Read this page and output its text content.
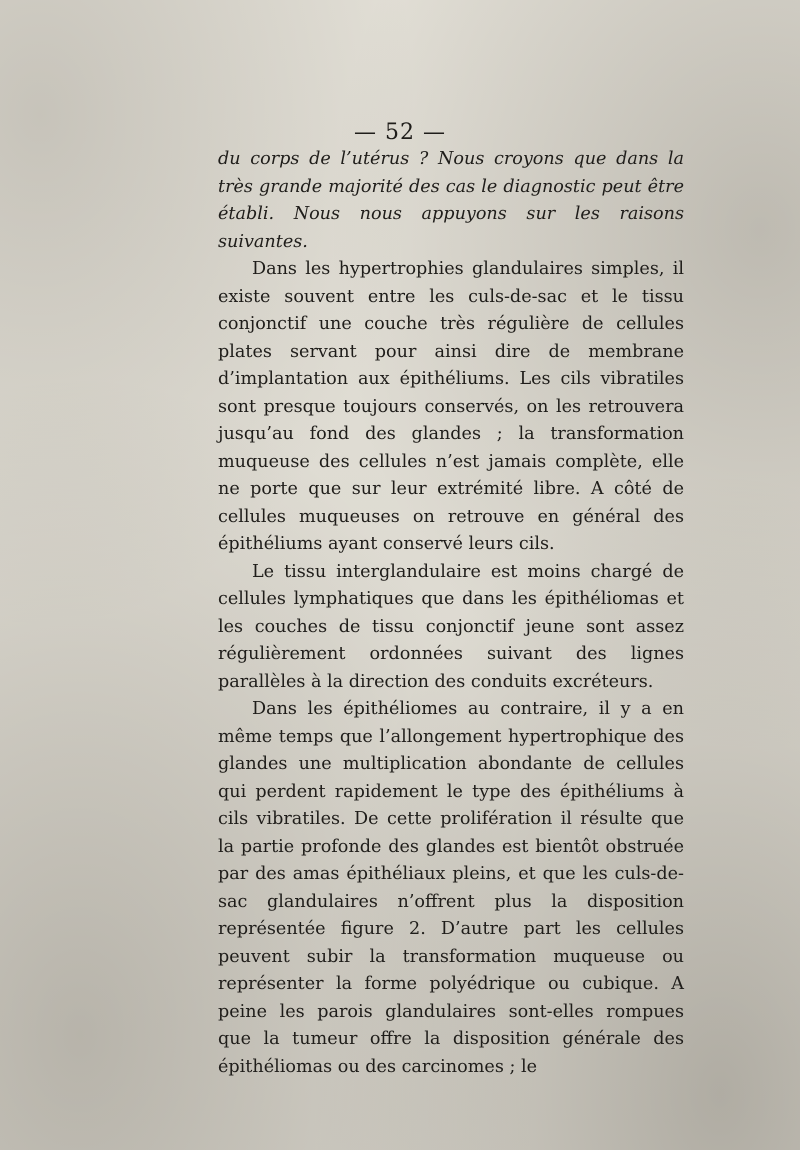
— 52 —

du corps de l’utérus ? Nous croyons que dans la très grande majorité des cas le diagnostic peut être établi. Nous nous appuyons sur les raisons suivantes.

Dans les hypertrophies glandulaires simples, il existe souvent entre les culs-de-sac et le tissu conjonctif une couche très régulière de cellules plates servant pour ainsi dire de membrane d’implantation aux épithéliums. Les cils vibratiles sont presque toujours conservés, on les retrouvera jusqu’au fond des glandes ; la transformation muqueuse des cellules n’est jamais complète, elle ne porte que sur leur extrémité libre. A côté de cellules muqueuses on retrouve en général des épithéliums ayant conservé leurs cils.

Le tissu interglandulaire est moins chargé de cellules lymphatiques que dans les épithéliomas et les couches de tissu conjonctif jeune sont assez régulièrement ordonnées suivant des lignes parallèles à la direction des conduits excréteurs.

Dans les épithéliomes au contraire, il y a en même temps que l’allongement hypertrophique des glandes une multiplication abondante de cellules qui perdent rapidement le type des épithéliums à cils vibratiles. De cette prolifération il résulte que la partie profonde des glandes est bientôt obstruée par des amas épithéliaux pleins, et que les culs-de-sac glandulaires n’offrent plus la disposition représentée figure 2. D’autre part les cellules peuvent subir la transformation muqueuse ou représenter la forme polyédrique ou cubique. A peine les parois glandulaires sont-elles rompues que la tumeur offre la disposition générale des épithéliomas ou des carcinomes ; le
